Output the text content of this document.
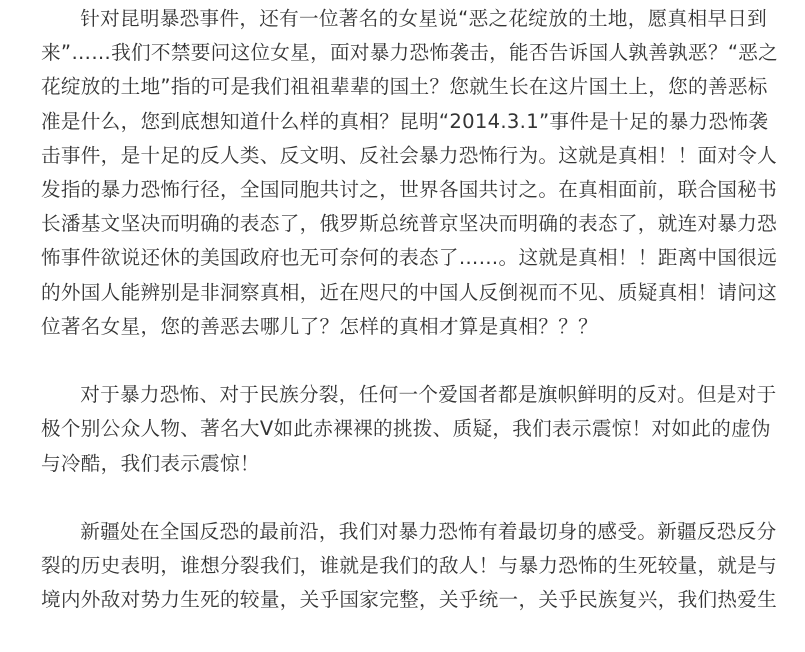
针对昆明暴恐事件，还有一位著名的女星说“恶之花绽放的土地，愿真相早日到来”……我们不禁要问这位女星，面对暴力恐怖袭击，能否告诉国人孰善孰恶？“恶之花绽放的土地”指的可是我们祖祖辈辈的国土？您就生长在这片国土上，您的善恶标准是什么，您到底想知道什么样的真相？昆明“2014.3.1”事件是十足的暴力恐怖袭击事件，是十足的反人类、反文明、反社会暴力恐怖行为。这就是真相！！面对令人发指的暴力恐怖行径，全国同胞共讨之，世界各国共讨之。在真相面前，联合国秘书长潘基文坚决而明确的表态了，俄罗斯总统普京坚决而明确的表态了，就连对暴力恐怖事件欲说还休的美国政府也无可奈何的表态了……。这就是真相！！距离中国很远的外国人能辨别是非洞察真相，近在咫尺的中国人反倒视而不见、质疑真相！请问这位著名女星，您的善恶去哪儿了？怎样的真相才算是真相？？？

对于暴力恐怖、对于民族分裂，任何一个爱国者都是旗帜鲜明的反对。但是对于极个别公众人物、著名大V如此赤裸裸的挑拨、质疑，我们表示震惊！对如此的虚伪与冷酷，我们表示震惊！

新疆处在全国反恐的最前沿，我们对暴力恐怖有着最切身的感受。新疆反恐反分裂的历史表明，谁想分裂我们，谁就是我们的敌人！与暴力恐怖的生死较量，就是与境内外敌对势力生死的较量，关乎国家完整，关乎统一，关乎民族复兴，我们热爱生
